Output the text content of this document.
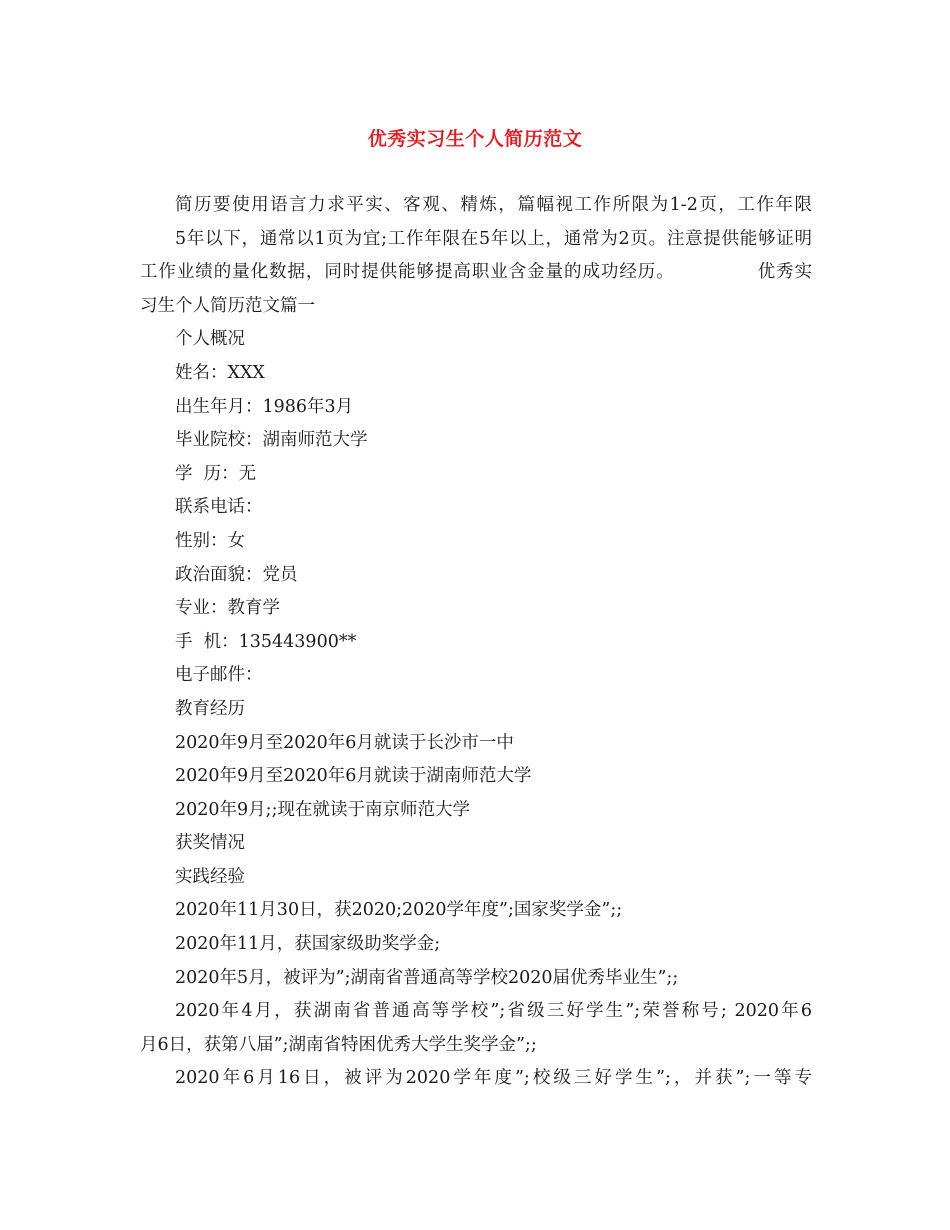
优秀实习生个人简历范文

简历要使用语言力求平实、客观、精炼，篇幅视工作所限为1-2页，工作年限

5年以下，通常以1页为宜;工作年限在5年以上，通常为2页。注意提供能够证明

工作业绩的量化数据，同时提供能够提高职业含金量的成功经历。	优秀实

习生个人简历范文篇一

个人概况

姓名：XXX

出生年月：1986年3月

毕业院校：湖南师范大学

学  历：无

联系电话：

性别：女

政治面貌：党员

专业：教育学

手  机：135443900**

电子邮件：

教育经历

2020年9月至2020年6月就读于长沙市一中

2020年9月至2020年6月就读于湖南师范大学

2020年9月;;现在就读于南京师范大学

获奖情况

实践经验

2020年11月30日，获2020;2020学年度”;国家奖学金”;;

2020年11月，获国家级助奖学金;

2020年5月，被评为”;湖南省普通高等学校2020届优秀毕业生”;;

2020年4月，获湖南省普通高等学校”;省级三好学生”;荣誉称号; 2020年6

月6日，获第八届”;湖南省特困优秀大学生奖学金”;;

2020年6月16日，被评为2020学年度”;校级三好学生”;，并获”;一等专
